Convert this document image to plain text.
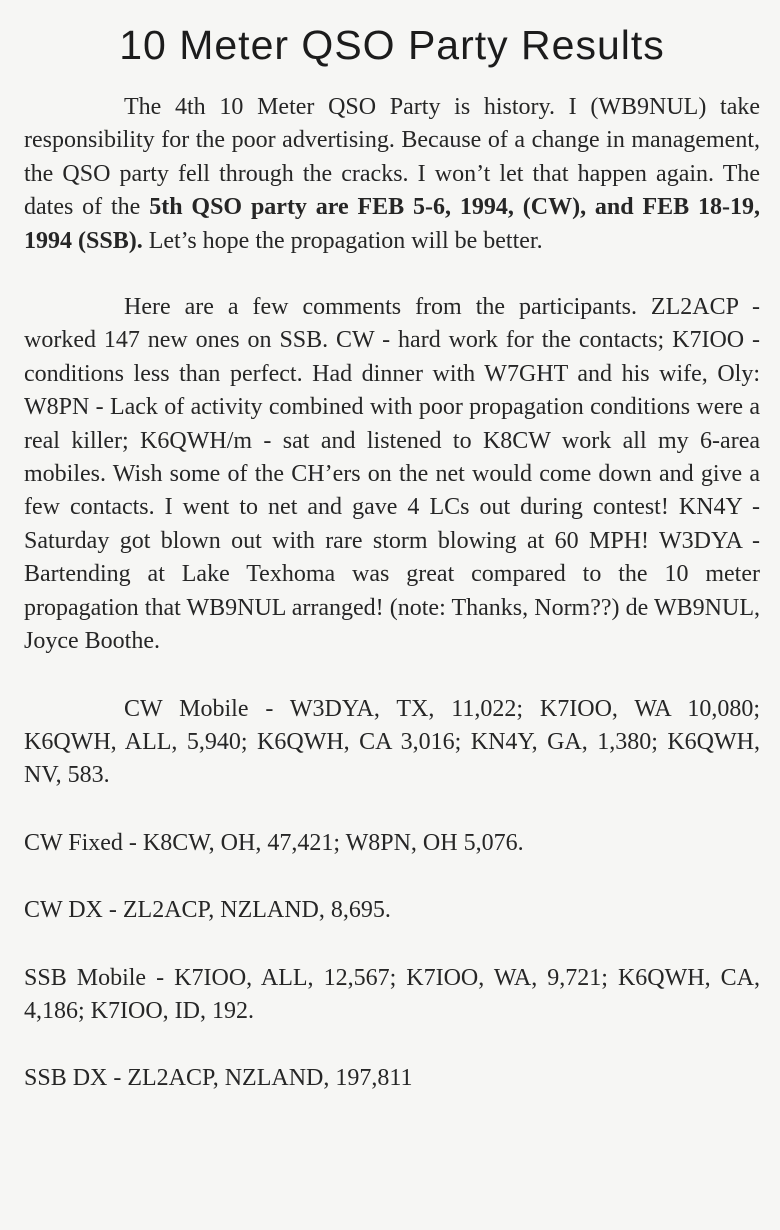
10 Meter QSO Party Results

The 4th 10 Meter QSO Party is history. I (WB9NUL) take responsibility for the poor advertising. Because of a change in management, the QSO party fell through the cracks. I won’t let that happen again. The dates of the 5th QSO party are FEB 5-6, 1994, (CW), and FEB 18-19, 1994 (SSB). Let’s hope the propagation will be better.

Here are a few comments from the participants. ZL2ACP - worked 147 new ones on SSB. CW - hard work for the contacts; K7IOO - conditions less than perfect. Had dinner with W7GHT and his wife, Oly: W8PN - Lack of activity combined with poor propagation conditions were a real killer; K6QWH/m - sat and listened to K8CW work all my 6-area mobiles. Wish some of the CH’ers on the net would come down and give a few contacts. I went to net and gave 4 LCs out during contest! KN4Y - Saturday got blown out with rare storm blowing at 60 MPH! W3DYA - Bartending at Lake Texhoma was great compared to the 10 meter propagation that WB9NUL arranged! (note: Thanks, Norm??) de WB9NUL, Joyce Boothe.

CW Mobile - W3DYA, TX, 11,022; K7IOO, WA 10,080; K6QWH, ALL, 5,940; K6QWH, CA 3,016; KN4Y, GA, 1,380; K6QWH, NV, 583.

CW Fixed - K8CW, OH, 47,421; W8PN, OH 5,076.

CW DX - ZL2ACP, NZLAND, 8,695.

SSB Mobile - K7IOO, ALL, 12,567; K7IOO, WA, 9,721; K6QWH, CA, 4,186; K7IOO, ID, 192.

SSB DX - ZL2ACP, NZLAND, 197,811
